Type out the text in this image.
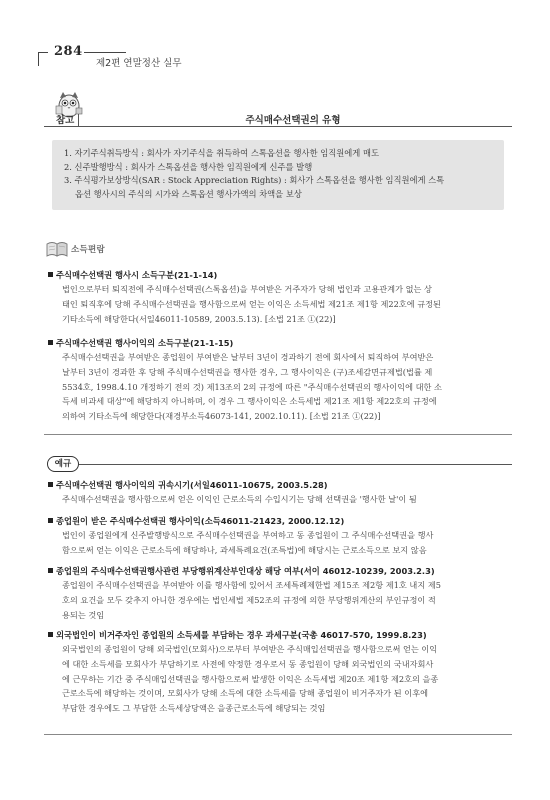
284
제2편 연말정산 실무
참고	주식매수선택권의 유형
1. 자기주식취득방식 : 회사가 자기주식을 취득하여 스톡옵션을 행사한 임직원에게 매도
2. 신주발행방식 : 회사가 스톡옵션을 행사한 임직원에게 신주를 발행
3. 주식평가보상방식(SAR : Stock Appreciation Rights) : 회사가 스톡옵션을 행사한 임직원에게 스톡
옵션 행사시의 주식의 시가와 스톡옵션 행사가액의 차액을 보상
소득편람
주식매수선택권 행사시 소득구분(21-1-14)
법인으로부터 퇴직전에 주식매수선택권(스톡옵션)을 부여받은 거주자가 당해 법인과 고용관계가 없는 상
태인 퇴직후에 당해 주식매수선택권을 행사함으로써 얻는 이익은 소득세법 제21조 제1항 제22호에 규정된
기타소득에 해당한다(서일46011-10589, 2003.5.13). [소법 21조 ①(22)]
주식매수선택권 행사이익의 소득구분(21-1-15)
주식매수선택권을 부여받은 종업원이 부여받은 날부터 3년이 경과하기 전에 회사에서 퇴직하여 부여받은
날부터 3년이 경과한 후 당해 주식매수선택권을 행사한 경우, 그 행사이익은 (구)조세감면규제법(법률 제
5534호, 1998.4.10 개정하기 전의 것) 제13조의 2의 규정에 따른 "주식매수선택권의 행사이익에 대한 소
득세 비과세 대상"에 해당하지 아니하며, 이 경우 그 행사이익은 소득세법 제21조 제1항 제22호의 규정에
의하여 기타소득에 해당한다(재경부소득46073-141, 2002.10.11). [소법 21조 ①(22)]
예규
주식매수선택권 행사이익의 귀속시기(서일46011-10675, 2003.5.28)
주식매수선택권을 행사함으로써 얻은 이익인 근로소득의 수입시기는 당해 선택권을 '행사한 날'이 됨
종업원이 받은 주식매수선택권 행사이익(소득46011-21423, 2000.12.12)
법인이 종업원에게 신주발행방식으로 주식매수선택권을 부여하고 동 종업원이 그 주식매수선택권을 행사
함으로써 얻는 이익은 근로소득에 해당하나, 과세특례요건(조특법)에 해당시는 근로소득으로 보지 않음
종업원의 주식매수선택권행사관련 부당행위계산부인대상 해당 여부(서이 46012-10239, 2003.2.3)
종업원이 주식매수선택권을 부여받아 이를 행사함에 있어서 조세특례제한법 제15조 제2항 제1호 내지 제5
호의 요건을 모두 갖추지 아니한 경우에는 법인세법 제52조의 규정에 의한 부당행위계산의 부인규정이 적
용되는 것임
외국법인이 비거주자인 종업원의 소득세를 부담하는 경우 과세구분(국총 46017-570, 1999.8.23)
외국법인의 종업원이 당해 외국법인(모회사)으로부터 부여받은 주식매입선택권을 행사함으로써 얻는 이익
에 대한 소득세를 모회사가 부담하기로 사전에 약정한 경우로서 동 종업원이 당해 외국법인의 국내자회사
에 근무하는 기간 중 주식매입선택권을 행사함으로써 발생한 이익은 소득세법 제20조 제1항 제2호의 을종
근로소득에 해당하는 것이며, 모회사가 당해 소득에 대한 소득세를 당해 종업원이 비거주자가 된 이후에
부담한 경우에도 그 부담한 소득세상당액은 을종근로소득에 해당되는 것임
